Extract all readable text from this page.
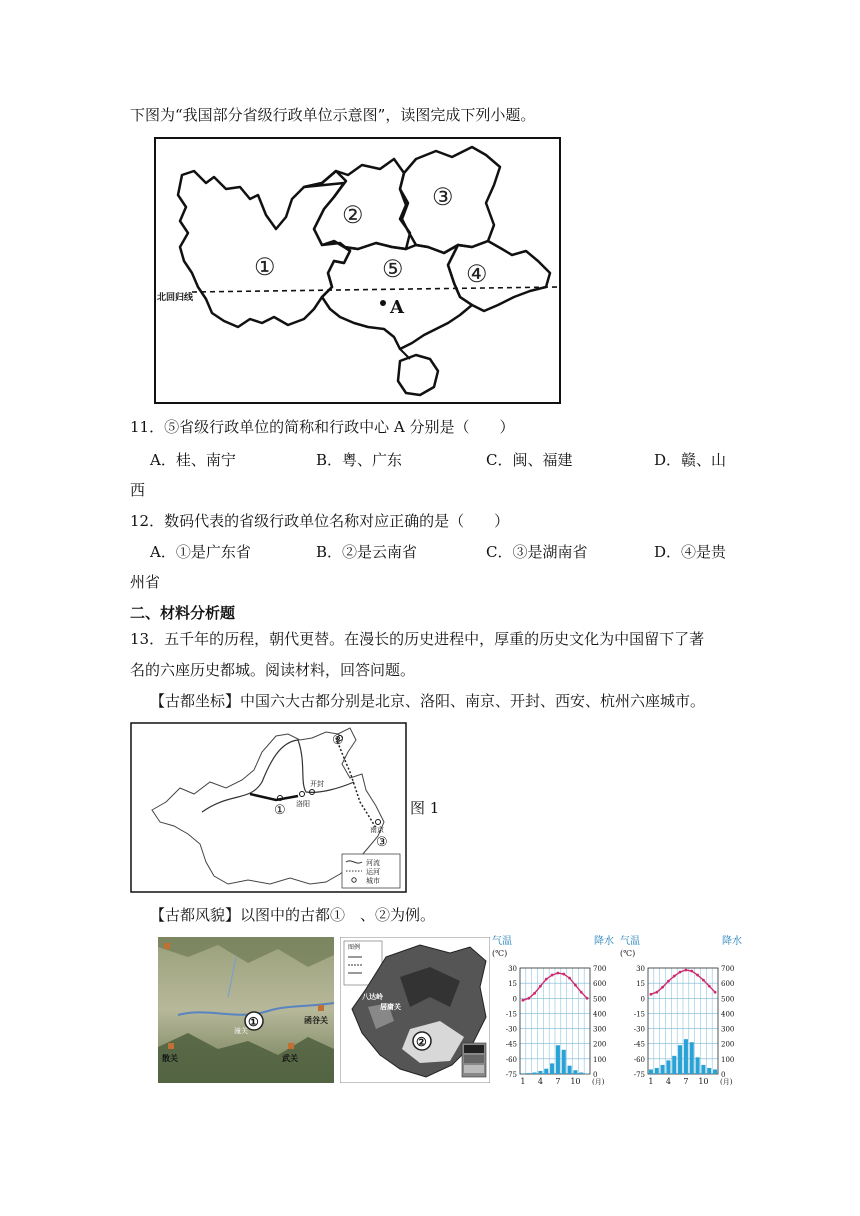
下图为“我国部分省级行政单位示意图”，读图完成下列小题。
北回归线
①
②
③
④
⑤
A
11．⑤省级行政单位的简称和行政中心 A 分别是（　　）
A．桂、南宁	B．粤、广东	C．闽、福建	D．赣、山
西
12．数码代表的省级行政单位名称对应正确的是（　　）
A．①是广东省	B．②是云南省	C．③是湖南省	D．④是贵
州省
二、材料分析题
13．五千年的历程，朝代更替。在漫长的历史进程中，厚重的历史文化为中国留下了著
名的六座历史都城。阅读材料，回答问题。
【古都坐标】中国六大古都分别是北京、洛阳、南京、开封、西安、杭州六座城市。
①
②
③
洛阳
开封
南京
河流
运河
城市
图 1
【古都风貌】以图中的古都①　、②为例。
①
潼关
函谷关
武关
散关
图例
②
八达岭
居庸关
气温
(℃)
降水
30	700
15	600
0	500
-15	400
-30	300
-45	200
-60	100
-75	0
1 4 7 10 (月)
气温
(℃)
降水
30	700
15	600
0	500
-15	400
-30	300
-45	200
-60	100
-75	0
1 4 7 10 (月)
